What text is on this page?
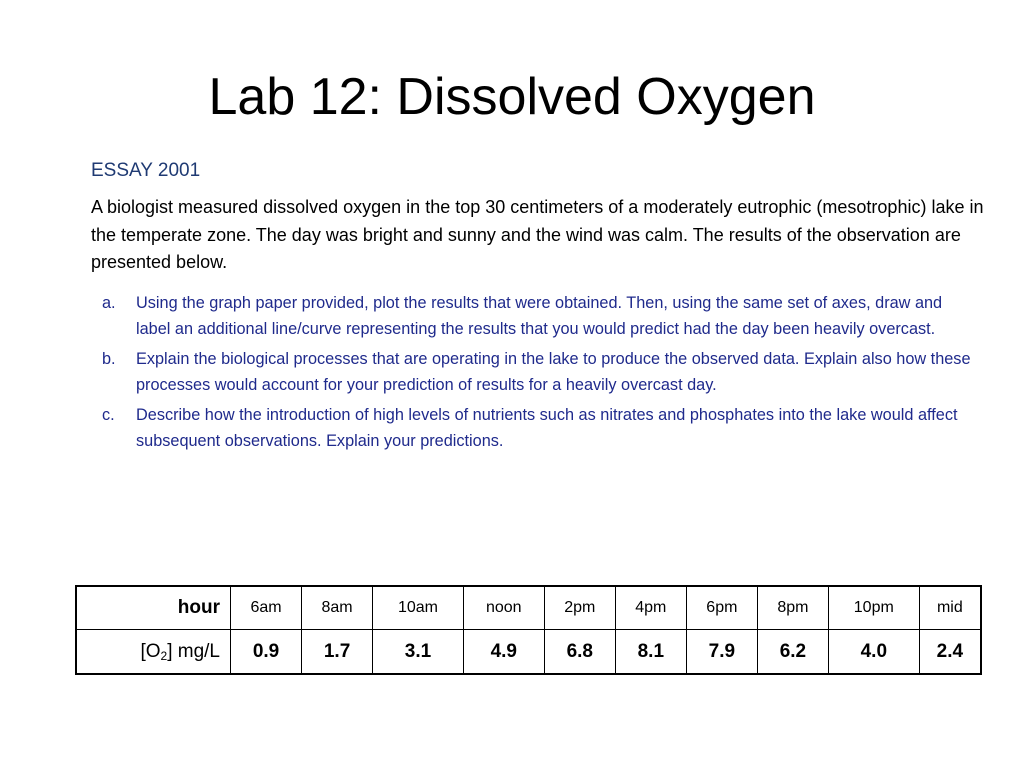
Lab 12: Dissolved Oxygen
ESSAY 2001

A biologist measured dissolved oxygen in the top 30 centimeters of a moderately eutrophic (mesotrophic) lake in the temperate zone. The day was bright and sunny and the wind was calm. The results of the observation are presented below.

a. Using the graph paper provided, plot the results that were obtained. Then, using the same set of axes, draw and label an additional line/curve representing the results that you would predict had the day been heavily overcast.
b. Explain the biological processes that are operating in the lake to produce the observed data. Explain also how these processes would account for your prediction of results for a heavily overcast day.
c. Describe how the introduction of high levels of nutrients such as nitrates and phosphates into the lake would affect subsequent observations. Explain your predictions.
hour	6am	8am	10am	noon	2pm	4pm	6pm	8pm	10pm	mid
$[O_2]$ mg/L	0.9	1.7	3.1	4.9	6.8	8.1	7.9	6.2	4.0	2.4
